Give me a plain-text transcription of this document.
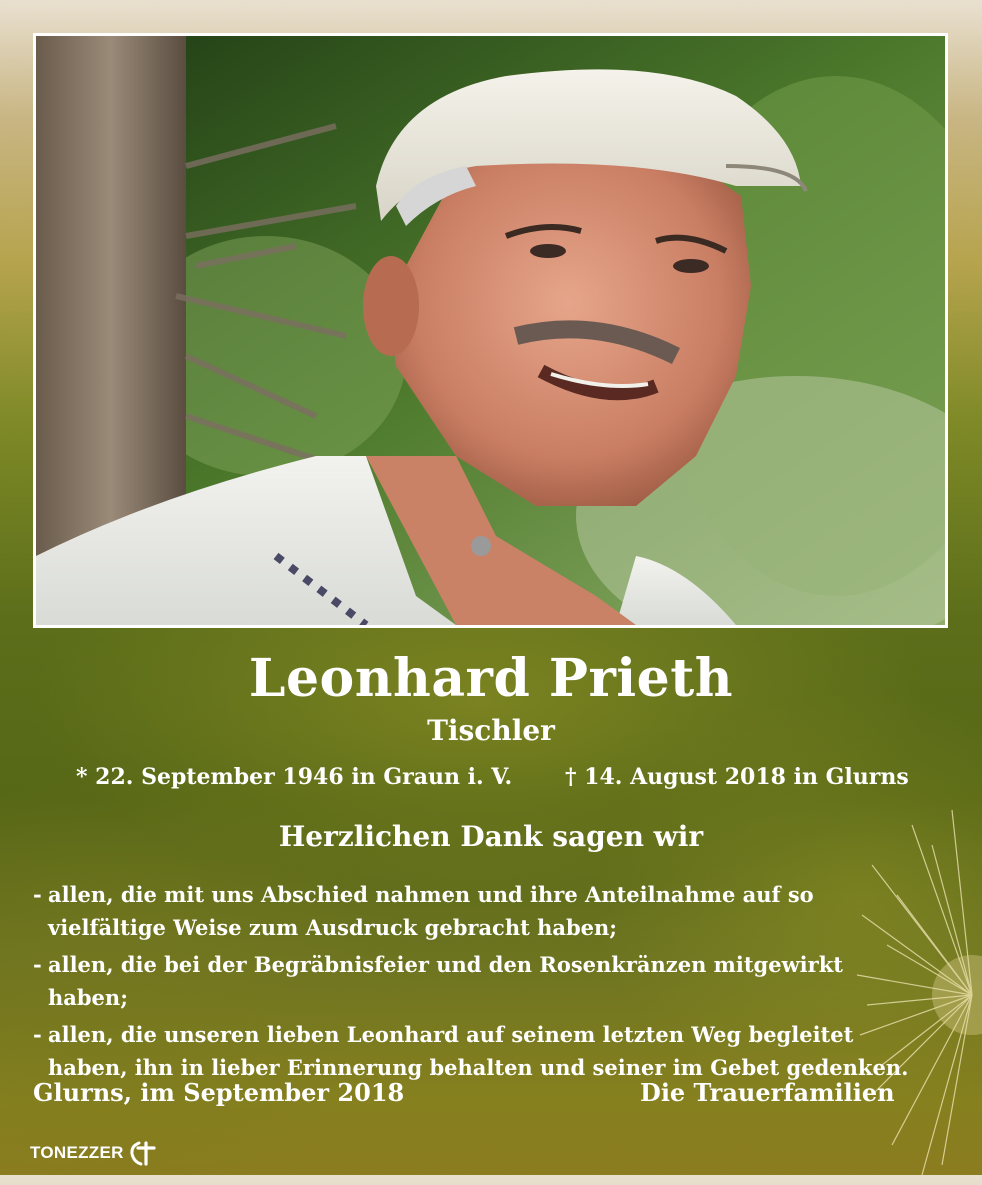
Leonhard Prieth
Tischler
* 22. September 1946 in Graun i. V. † 14. August 2018 in Glurns
Herzlichen Dank sagen wir
- allen, die mit uns Abschied nahmen und ihre Anteilnahme auf so vielfältige Weise zum Ausdruck gebracht haben;
- allen, die bei der Begräbnisfeier und den Rosenkränzen mitgewirkt haben;
- allen, die unseren lieben Leonhard auf seinem letzten Weg begleitet haben, ihn in lieber Erinnerung behalten und seiner im Gebet gedenken.
Glurns, im September 2018	Die Trauerfamilien
TONEZZER
